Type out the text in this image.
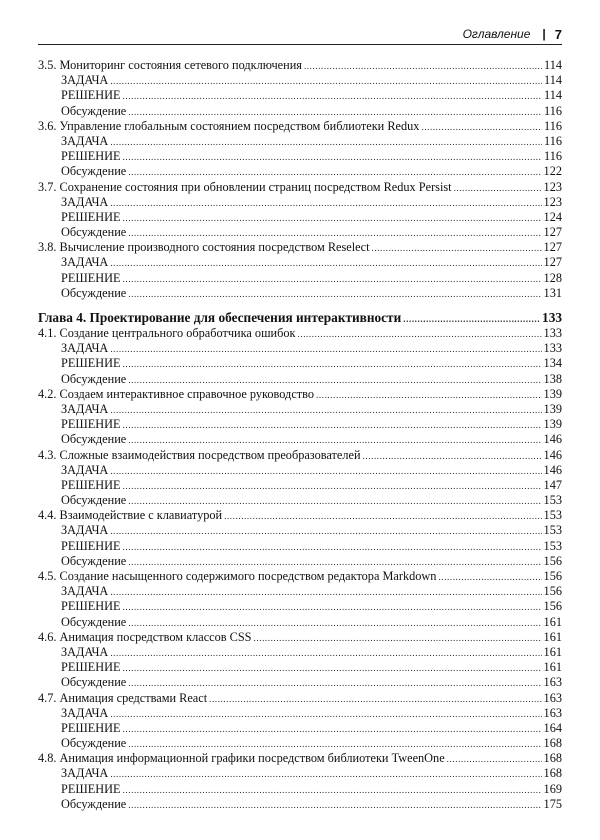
Оглавление | 7
3.5. Мониторинг состояния сетевого подключения .....	114
ЗАДАЧА .....	114
РЕШЕНИЕ .....	114
Обсуждение .....	116
3.6. Управление глобальным состоянием посредством библиотеки Redux .....	116
ЗАДАЧА .....	116
РЕШЕНИЕ .....	116
Обсуждение .....	122
3.7. Сохранение состояния при обновлении страниц посредством Redux Persist .....	123
ЗАДАЧА .....	123
РЕШЕНИЕ .....	124
Обсуждение .....	127
3.8. Вычисление производного состояния посредством Reselect .....	127
ЗАДАЧА .....	127
РЕШЕНИЕ .....	128
Обсуждение .....	131
Глава 4. Проектирование для обеспечения интерактивности .....	133
4.1. Создание центрального обработчика ошибок .....	133
ЗАДАЧА .....	133
РЕШЕНИЕ .....	134
Обсуждение .....	138
4.2. Создаем интерактивное справочное руководство .....	139
ЗАДАЧА .....	139
РЕШЕНИЕ .....	139
Обсуждение .....	146
4.3. Сложные взаимодействия посредством преобразователей .....	146
ЗАДАЧА .....	146
РЕШЕНИЕ .....	147
Обсуждение .....	153
4.4. Взаимодействие с клавиатурой .....	153
ЗАДАЧА .....	153
РЕШЕНИЕ .....	153
Обсуждение .....	156
4.5. Создание насыщенного содержимого посредством редактора Markdown .....	156
ЗАДАЧА .....	156
РЕШЕНИЕ .....	156
Обсуждение .....	161
4.6. Анимация посредством классов CSS .....	161
ЗАДАЧА .....	161
РЕШЕНИЕ .....	161
Обсуждение .....	163
4.7. Анимация средствами React .....	163
ЗАДАЧА .....	163
РЕШЕНИЕ .....	164
Обсуждение .....	168
4.8. Анимация информационной графики посредством библиотеки TweenOne .....	168
ЗАДАЧА .....	168
РЕШЕНИЕ .....	169
Обсуждение .....	175
